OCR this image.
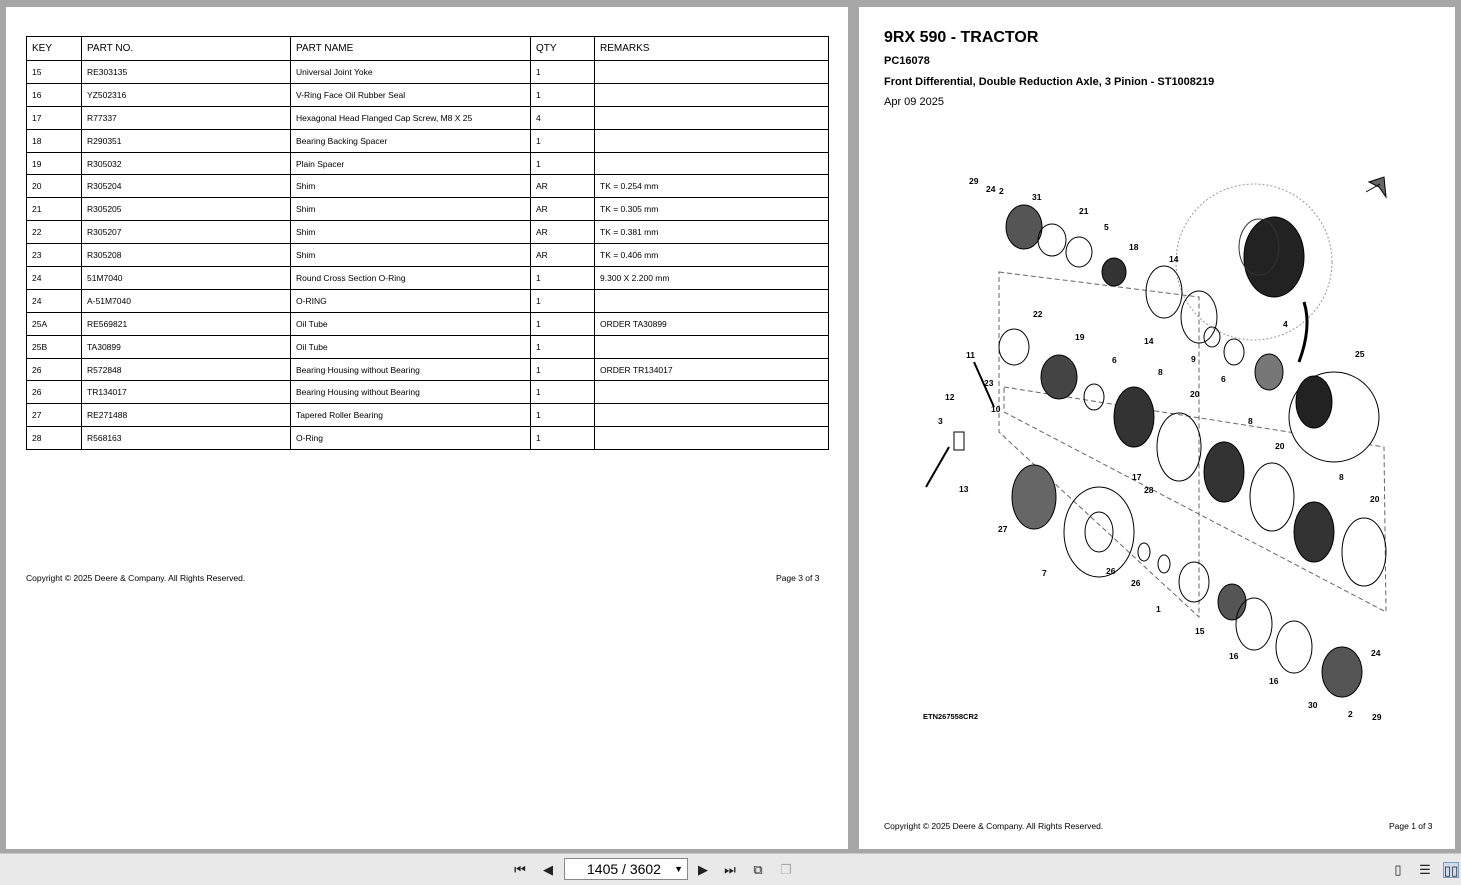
KEY	PART NO.	PART NAME	QTY	REMARKS
15	RE303135	Universal Joint Yoke	1	
16	YZ502316	V-Ring Face Oil Rubber Seal	1	
17	R77337	Hexagonal Head Flanged Cap Screw, M8 X 25	4	
18	R290351	Bearing Backing Spacer	1	
19	R305032	Plain Spacer	1	
20	R305204	Shim	AR	TK = 0.254 mm
21	R305205	Shim	AR	TK = 0.305 mm
22	R305207	Shim	AR	TK = 0.381 mm
23	R305208	Shim	AR	TK = 0.406 mm
24	51M7040	Round Cross Section O-Ring	1	9.300 X 2.200 mm
24	A-51M7040	O-RING	1	
25A	RE569821	Oil Tube	1	ORDER TA30899
25B	TA30899	Oil Tube	1	
26	R572848	Bearing Housing without Bearing	1	ORDER TR134017
26	TR134017	Bearing Housing without Bearing	1	
27	RE271488	Tapered Roller Bearing	1	
28	R568163	O-Ring	1	
Copyright © 2025 Deere & Company. All Rights Reserved.	Page 3 of 3
9RX 590 - TRACTOR
PC16078
Front Differential, Double Reduction Axle, 3 Pinion - ST1008219
Apr 09 2025
29
24 2
31
21
5
18
14
14
9
6
4
25
22
19
11
23
12
10
3
13
6
8
20
8
20
8
20
17
28
27
7	26
26
1
15
16
16
30
2
24
29
ETN267558CR2
Copyright © 2025 Deere & Company. All Rights Reserved.	Page 1 of 3
⏮ ◀	1405 / 3602 ▼ ▶ ⏭ ⧉ ❐	▯	☰ ▯▯
